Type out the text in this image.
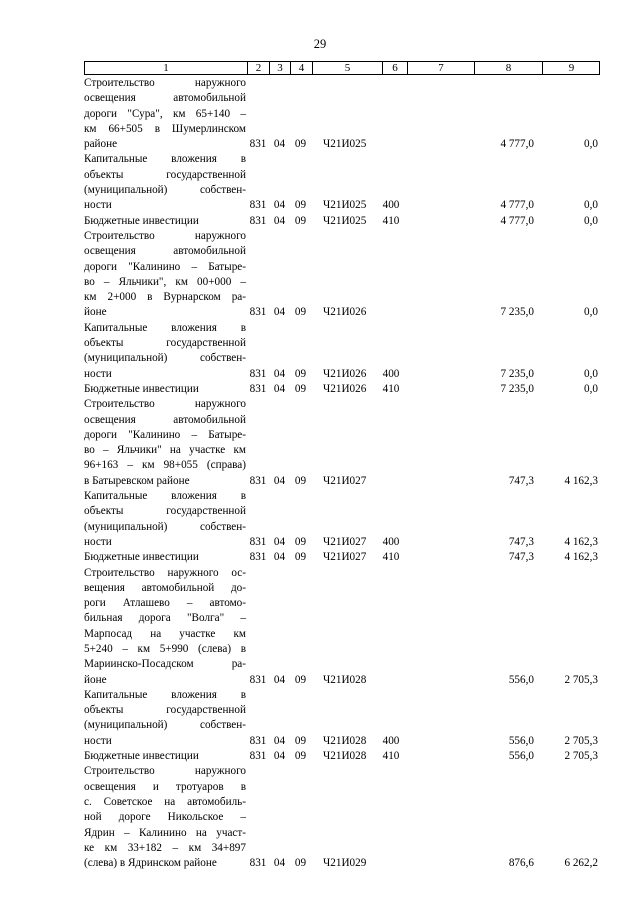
29
1	2	3	4	5	6	7	8	9
Строительство наружного
освещения автомобильной
дороги "Сура", км 65+140 –
км 66+505 в Шумерлинском
районе	831 04 09 Ч21И025	4 777,0	0,0
Капитальные вложения в
объекты государственной
(муниципальной) собствен-
ности	831 04 09 Ч21И025	400	4 777,0	0,0
Бюджетные инвестиции	831 04 09 Ч21И025	410	4 777,0	0,0
Строительство наружного
освещения автомобильной
дороги "Калинино – Батыре-
во – Яльчики", км 00+000 –
км 2+000 в Вурнарском ра-
йоне	831 04 09 Ч21И026	7 235,0	0,0
Капитальные вложения в
объекты государственной
(муниципальной) собствен-
ности	831 04 09 Ч21И026	400	7 235,0	0,0
Бюджетные инвестиции	831 04 09 Ч21И026	410	7 235,0	0,0
Строительство наружного
освещения автомобильной
дороги "Калинино – Батыре-
во – Яльчики" на участке км
96+163 – км 98+055 (справа)
в Батыревском районе	831 04 09 Ч21И027	747,3	4 162,3
Капитальные вложения в
объекты государственной
(муниципальной) собствен-
ности	831 04 09 Ч21И027	400	747,3	4 162,3
Бюджетные инвестиции	831 04 09 Ч21И027	410	747,3	4 162,3
Строительство наружного ос-
вещения автомобильной до-
роги Атлашево – автомо-
бильная дорога "Волга" –
Марпосад на участке км
5+240 – км 5+990 (слева) в
Мариинско-Посадском ра-
йоне	831 04 09 Ч21И028	556,0	2 705,3
Капитальные вложения в
объекты государственной
(муниципальной) собствен-
ности	831 04 09 Ч21И028	400	556,0	2 705,3
Бюджетные инвестиции	831 04 09 Ч21И028	410	556,0	2 705,3
Строительство наружного
освещения и тротуаров в
с. Советское на автомобиль-
ной дороге Никольское –
Ядрин – Калинино на участ-
ке км 33+182 – км 34+897
(слева) в Ядринском районе	831 04 09 Ч21И029	876,6	6 262,2
